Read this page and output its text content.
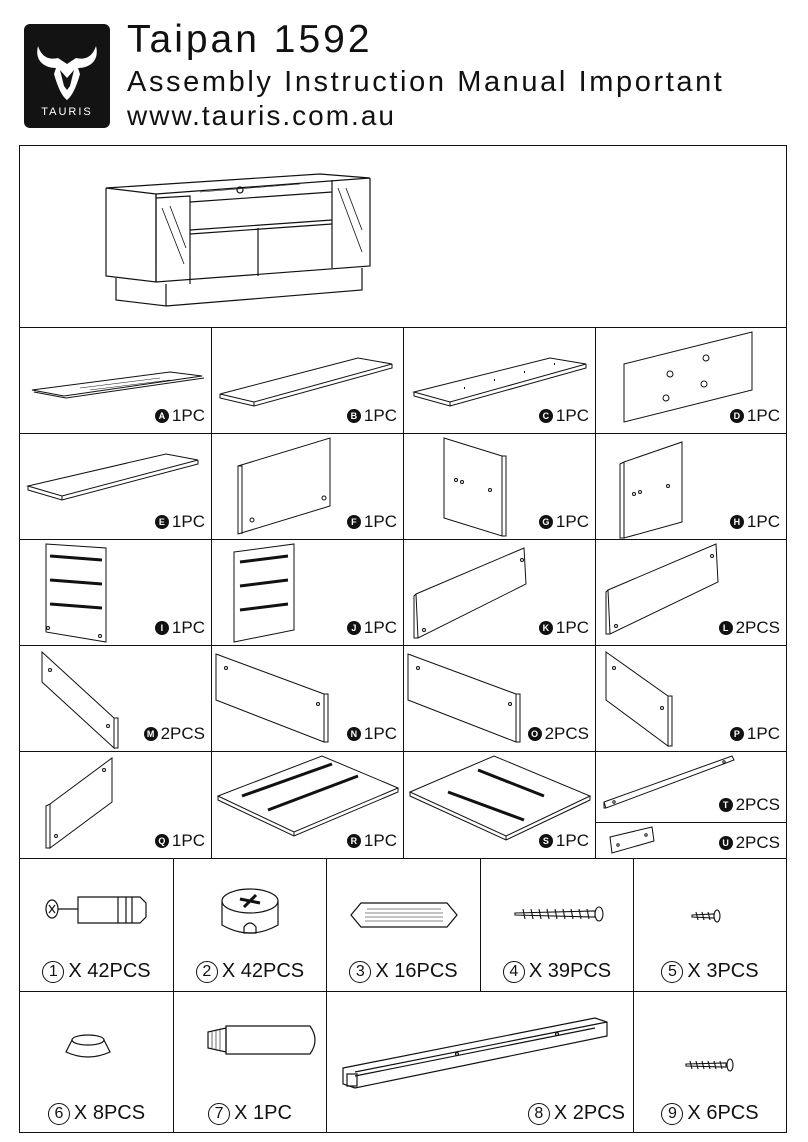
TAURIS
Taipan 1592
Assembly Instruction Manual Important
www.tauris.com.au
A 1PC	B 1PC	C 1PC	D 1PC
E 1PC	F 1PC	G 1PC	H 1PC
I 1PC	J 1PC	K 1PC	L 2PCS
M 2PCS	N 1PC	O 2PCS	P 1PC
Q 1PC	R 1PC	S 1PC
T 2PCS
U 2PCS
1 X 42PCS	2 X 42PCS	3 X 16PCS	4 X 39PCS	5 X 3PCS
6 X 8PCS	7 X 1PC	8 X 2PCS	9 X 6PCS
